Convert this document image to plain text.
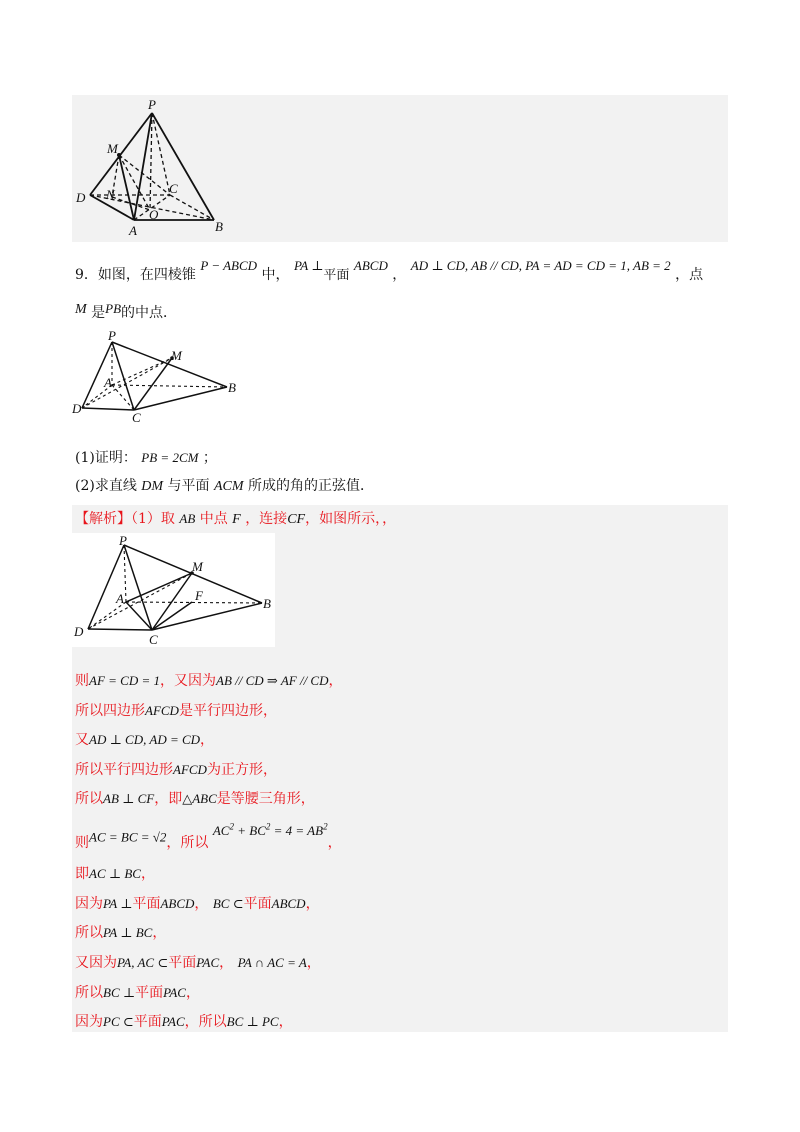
P
M
D N	C
O
A	B
9．如图，在四棱锥 P − ABCD 中， PA ⊥平面 ABCD ， AD ⊥ CD, AB // CD, PA = AD = CD = 1, AB = 2 ，点
M 是PB的中点．
P
M
A
D
C
B
(1)证明： PB = 2CM ；
(2)求直线 DM 与平面 ACM 所成的角的正弦值．
【解析】（1）取 AB 中点 F ，连接CF，如图所示，，
P
M
A	F
D
C
B
则AF = CD = 1，又因为AB // CD ⇒ AF // CD，
所以四边形AFCD是平行四边形，
又AD ⊥ CD, AD = CD，
所以平行四边形AFCD为正方形，
所以AB ⊥ CF，即△ABC是等腰三角形，
则AC = BC = √2，所以 $AC^2 + BC^2 = 4 = AB^2$，
即AC ⊥ BC，
因为PA ⊥平面ABCD， BC ⊂平面ABCD，
所以PA ⊥ BC，
又因为PA, AC ⊂平面PAC， PA ∩ AC = A，
所以BC ⊥平面PAC，
因为PC ⊂平面PAC，所以BC ⊥ PC，
